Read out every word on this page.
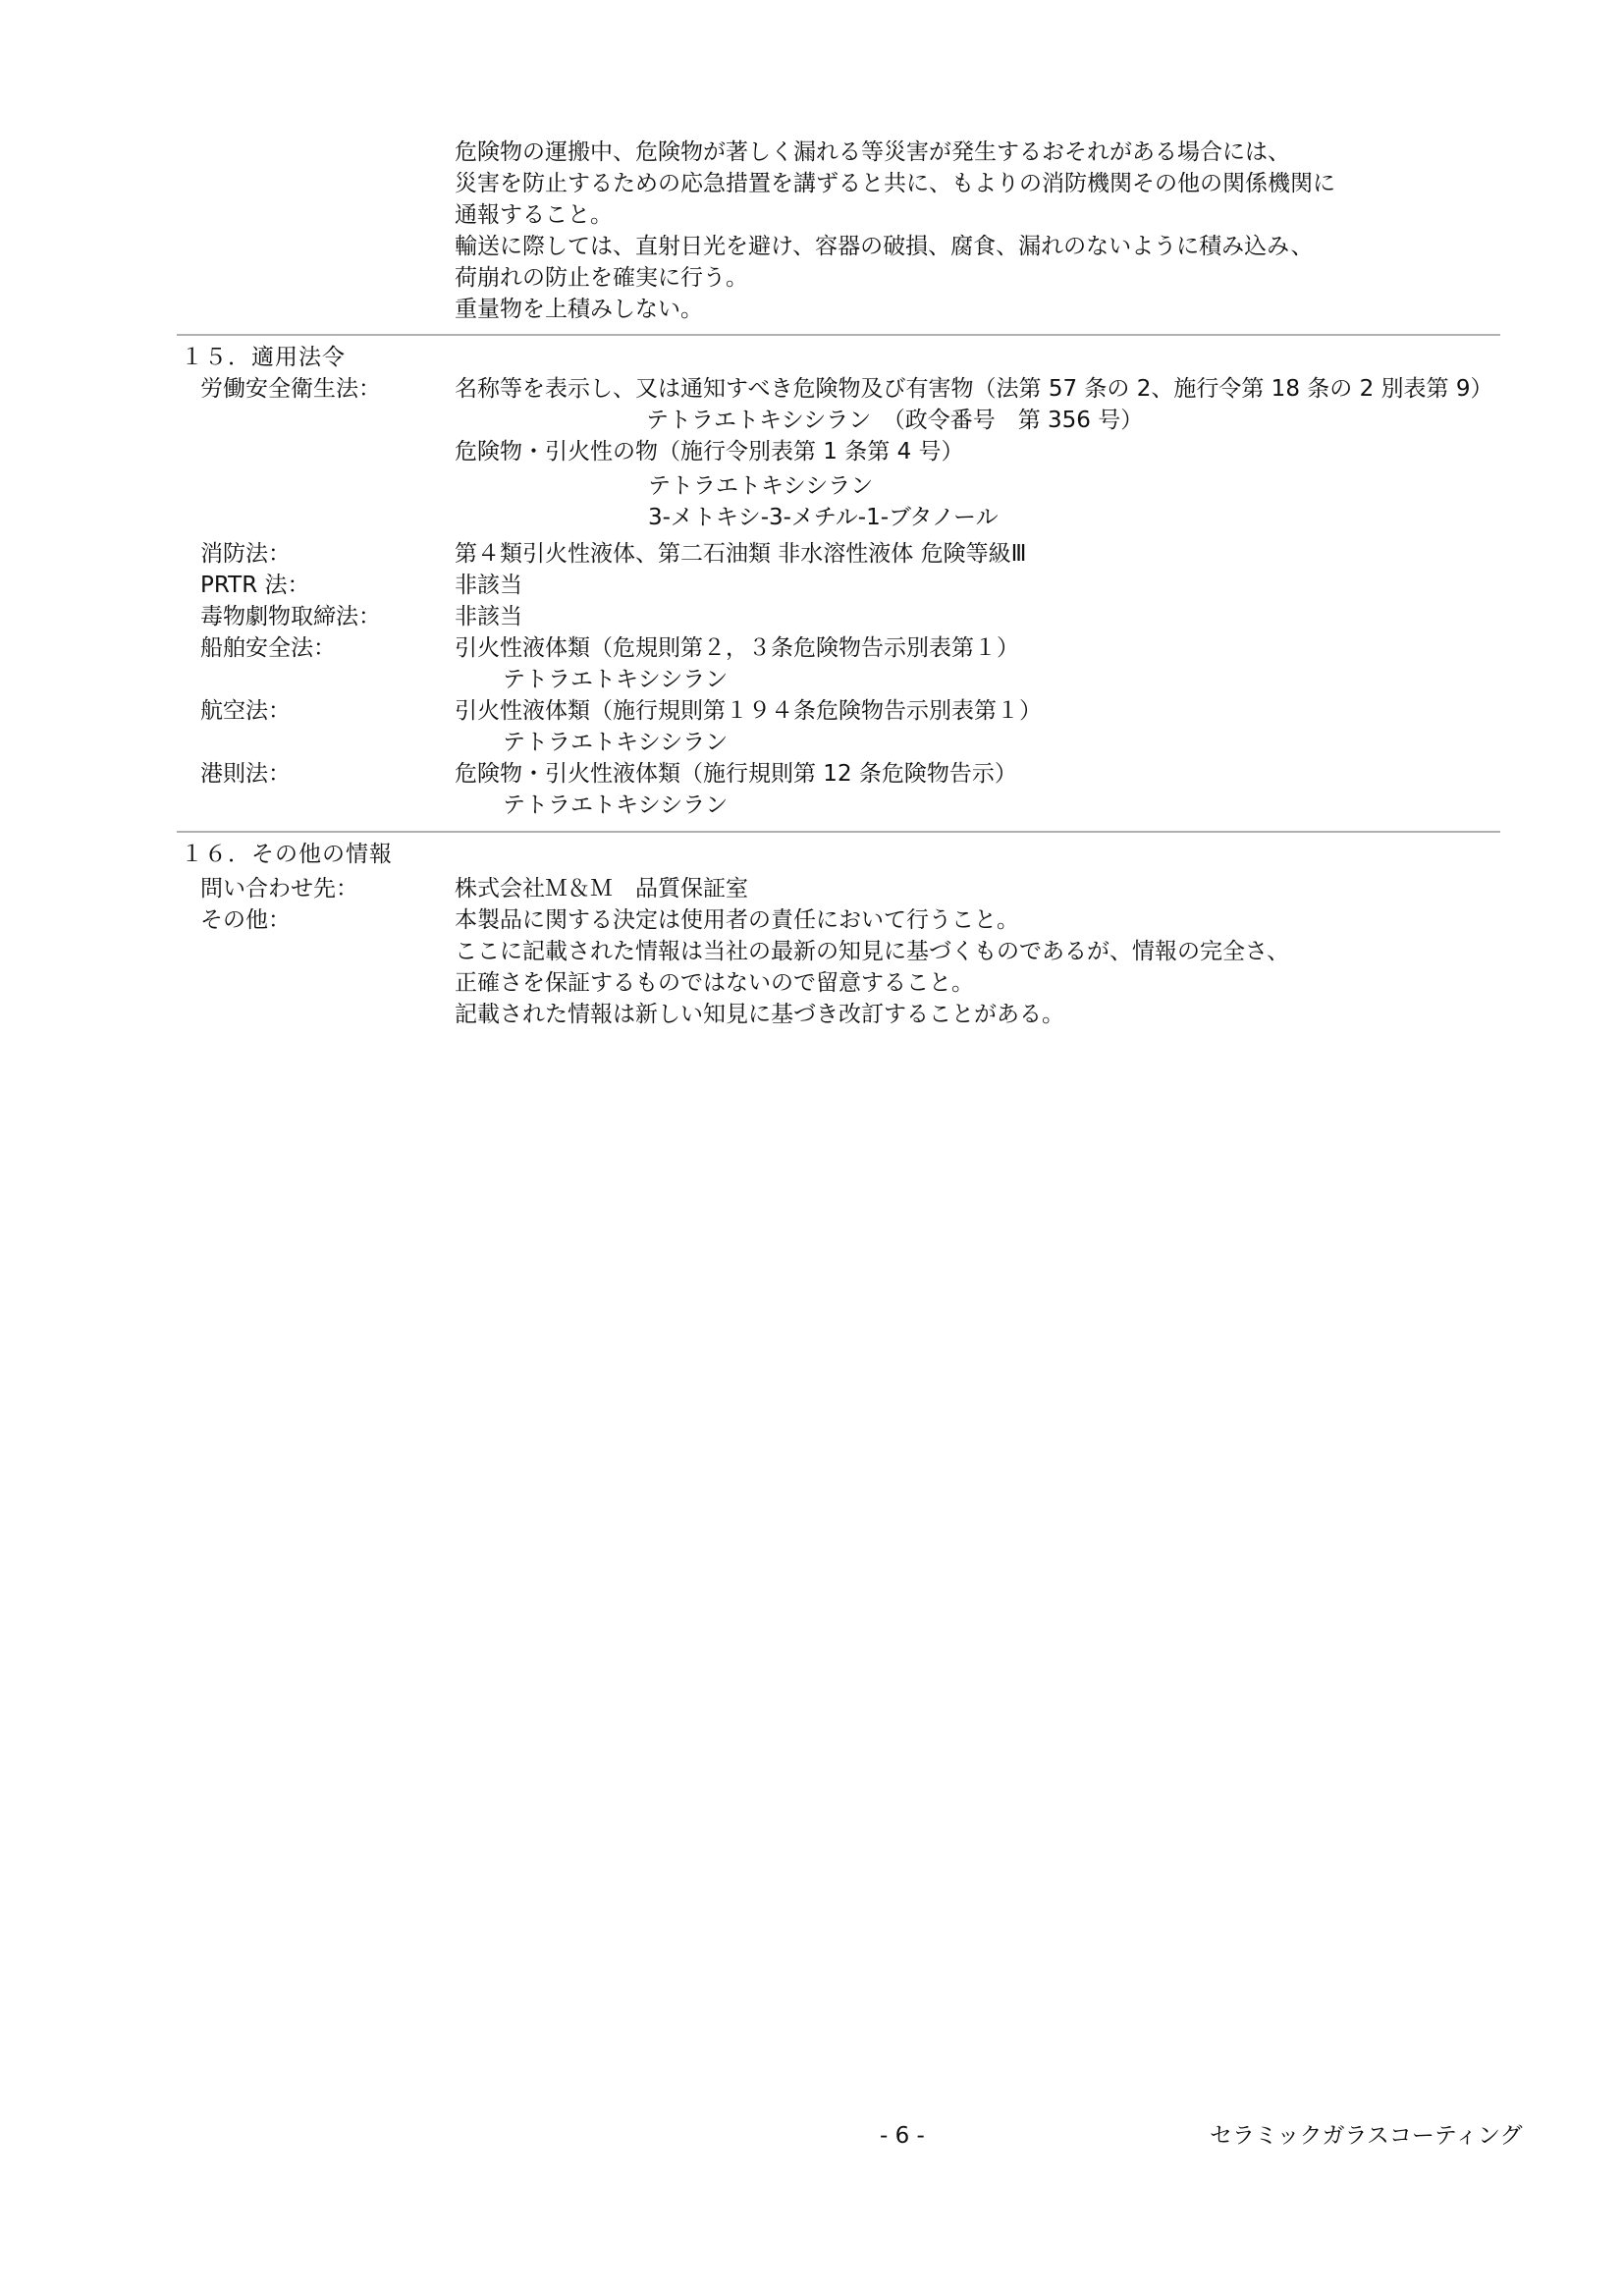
危険物の運搬中、危険物が著しく漏れる等災害が発生するおそれがある場合には、
災害を防止するための応急措置を講ずると共に、もよりの消防機関その他の関係機関に
通報すること。
輸送に際しては、直射日光を避け、容器の破損、腐食、漏れのないように積み込み、
荷崩れの防止を確実に行う。
重量物を上積みしない。
１５．適用法令
労働安全衛生法：	名称等を表示し、又は通知すべき危険物及び有害物（法第 57 条の 2、施行令第 18 条の 2 別表第 9）
テトラエトキシシラン　（政令番号　第 356 号）
危険物・引火性の物（施行令別表第 1 条第 4 号）
テトラエトキシシラン
3-メトキシ-3-メチル-1-ブタノール
消防法：	第４類引火性液体、第二石油類 非水溶性液体 危険等級Ⅲ
PRTR 法：	非該当
毒物劇物取締法：	非該当
船舶安全法：	引火性液体類（危規則第２，３条危険物告示別表第１）
テトラエトキシシラン
航空法：	引火性液体類（施行規則第１９４条危険物告示別表第１）
テトラエトキシシラン
港則法：	危険物・引火性液体類（施行規則第 12 条危険物告示）
テトラエトキシシラン
１６．その他の情報
問い合わせ先：	株式会社Ｍ＆Ｍ　品質保証室
その他：	本製品に関する決定は使用者の責任において行うこと。
ここに記載された情報は当社の最新の知見に基づくものであるが、情報の完全さ、
正確さを保証するものではないので留意すること。
記載された情報は新しい知見に基づき改訂することがある。
- 6 -	セラミックガラスコーティング
